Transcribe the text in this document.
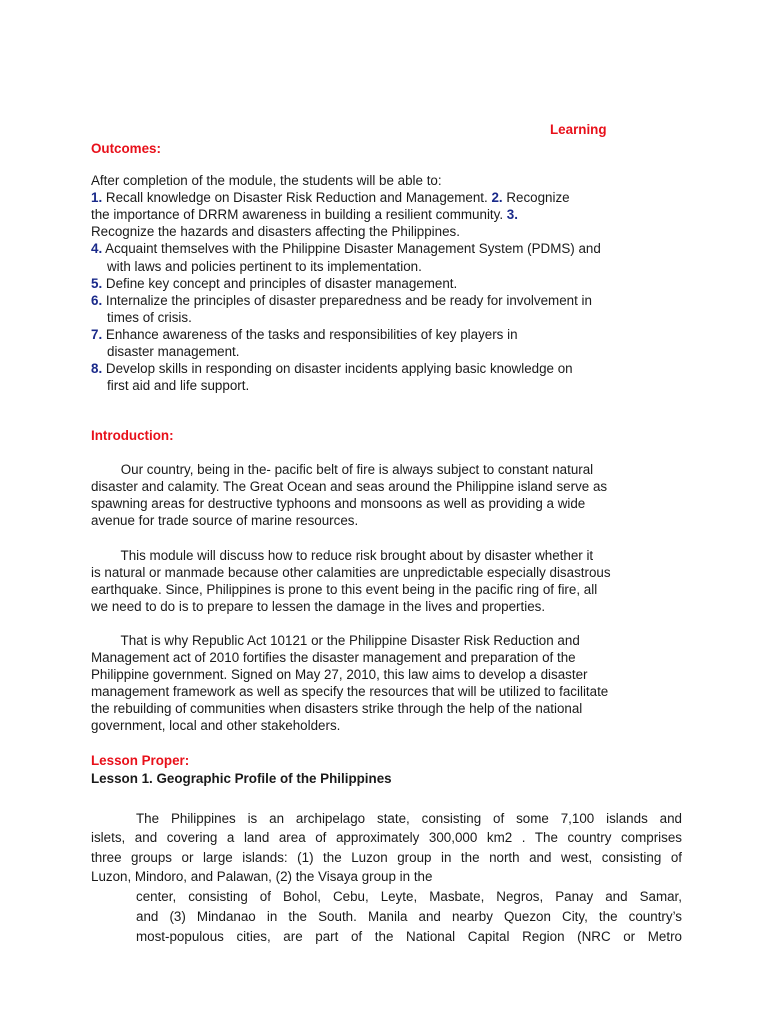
Learning
Outcomes:
After completion of the module, the students will be able to:
1. Recall knowledge on Disaster Risk Reduction and Management. 2. Recognize
the importance of DRRM awareness in building a resilient community. 3.
Recognize the hazards and disasters affecting the Philippines.
4. Acquaint themselves with the Philippine Disaster Management System (PDMS) and
with laws and policies pertinent to its implementation.
5. Define key concept and principles of disaster management.
6. Internalize the principles of disaster preparedness and be ready for involvement in
times of crisis.
7. Enhance awareness of the tasks and responsibilities of key players in
disaster management.
8. Develop skills in responding on disaster incidents applying basic knowledge on
first aid and life support.
Introduction:
Our country, being in the- pacific belt of fire is always subject to constant natural
disaster and calamity. The Great Ocean and seas around the Philippine island serve as
spawning areas for destructive typhoons and monsoons as well as providing a wide
avenue for trade source of marine resources.
This module will discuss how to reduce risk brought about by disaster whether it
is natural or manmade because other calamities are unpredictable especially disastrous
earthquake. Since, Philippines is prone to this event being in the pacific ring of fire, all
we need to do is to prepare to lessen the damage in the lives and properties.
That is why Republic Act 10121 or the Philippine Disaster Risk Reduction and
Management act of 2010 fortifies the disaster management and preparation of the
Philippine government. Signed on May 27, 2010, this law aims to develop a disaster
management framework as well as specify the resources that will be utilized to facilitate
the rebuilding of communities when disasters strike through the help of the national
government, local and other stakeholders.
Lesson Proper:
Lesson 1. Geographic Profile of the Philippines
The Philippines is an archipelago state, consisting of some 7,100 islands and
islets, and covering a land area of approximately 300,000 km2 . The country comprises
three groups or large islands: (1) the Luzon group in the north and west, consisting of
Luzon, Mindoro, and Palawan, (2) the Visaya group in the
center, consisting of Bohol, Cebu, Leyte, Masbate, Negros, Panay and Samar,
and (3) Mindanao in the South. Manila and nearby Quezon City, the country’s
most-populous cities, are part of the National Capital Region (NRC or Metro
